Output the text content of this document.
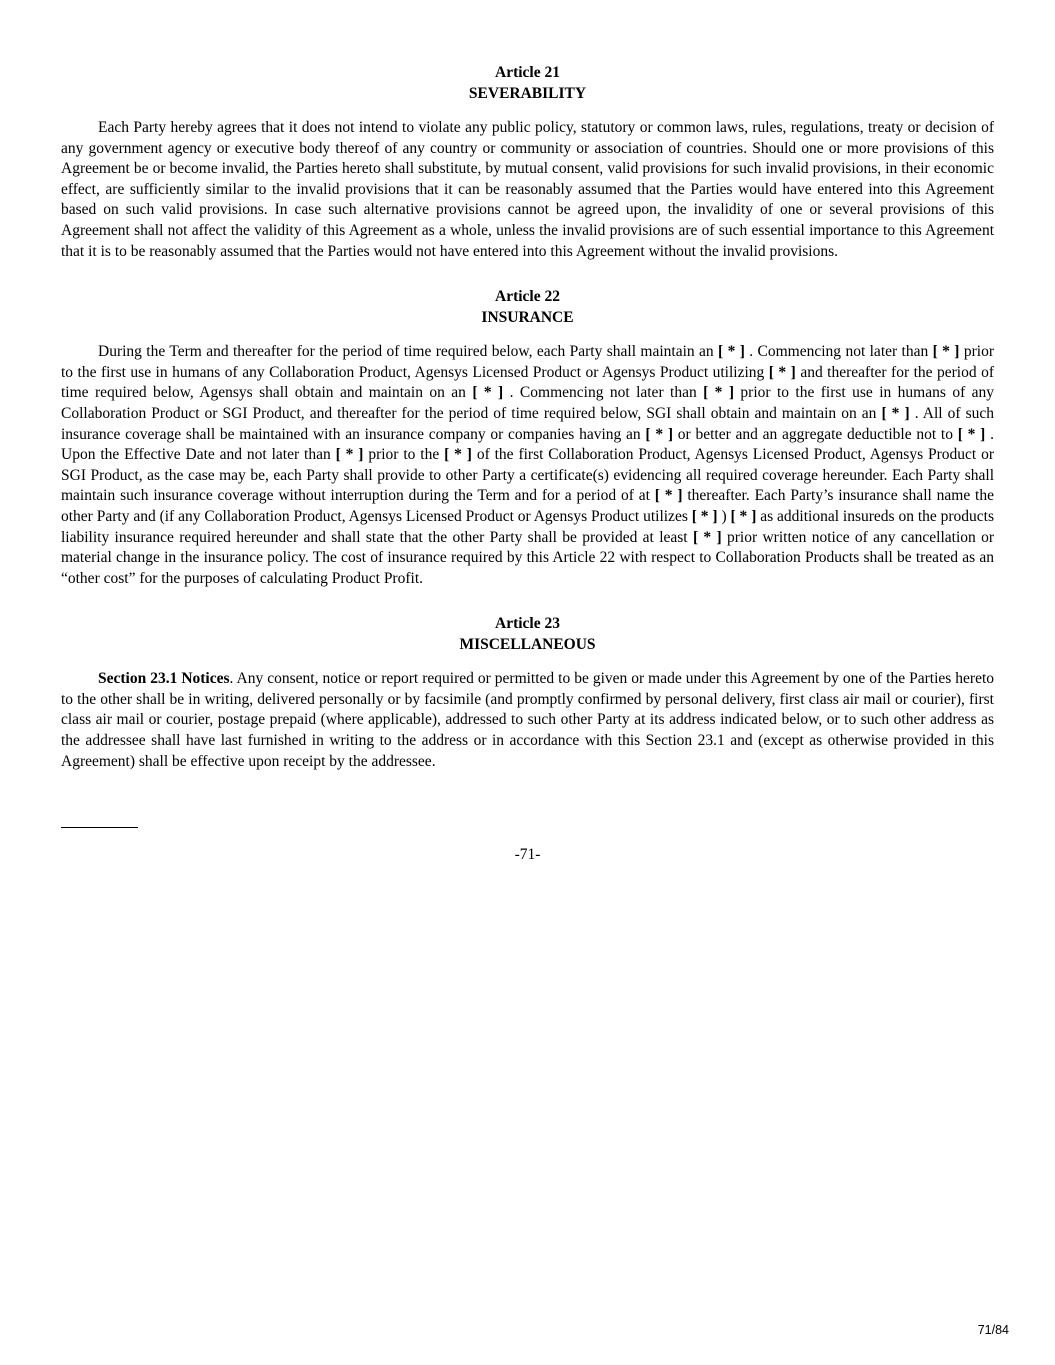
Article 21

SEVERABILITY

Each Party hereby agrees that it does not intend to violate any public policy, statutory or common laws, rules, regulations, treaty or decision of any government agency or executive body thereof of any country or community or association of countries. Should one or more provisions of this Agreement be or become invalid, the Parties hereto shall substitute, by mutual consent, valid provisions for such invalid provisions, in their economic effect, are sufficiently similar to the invalid provisions that it can be reasonably assumed that the Parties would have entered into this Agreement based on such valid provisions. In case such alternative provisions cannot be agreed upon, the invalidity of one or several provisions of this Agreement shall not affect the validity of this Agreement as a whole, unless the invalid provisions are of such essential importance to this Agreement that it is to be reasonably assumed that the Parties would not have entered into this Agreement without the invalid provisions.

Article 22

INSURANCE

During the Term and thereafter for the period of time required below, each Party shall maintain an [ * ] . Commencing not later than [ * ] prior to the first use in humans of any Collaboration Product, Agensys Licensed Product or Agensys Product utilizing [ * ] and thereafter for the period of time required below, Agensys shall obtain and maintain on an [ * ] . Commencing not later than [ * ] prior to the first use in humans of any Collaboration Product or SGI Product, and thereafter for the period of time required below, SGI shall obtain and maintain on an [ * ] . All of such insurance coverage shall be maintained with an insurance company or companies having an [ * ] or better and an aggregate deductible not to [ * ] . Upon the Effective Date and not later than [ * ] prior to the [ * ] of the first Collaboration Product, Agensys Licensed Product, Agensys Product or SGI Product, as the case may be, each Party shall provide to other Party a certificate(s) evidencing all required coverage hereunder. Each Party shall maintain such insurance coverage without interruption during the Term and for a period of at [ * ] thereafter. Each Party’s insurance shall name the other Party and (if any Collaboration Product, Agensys Licensed Product or Agensys Product utilizes [ * ] ) [ * ] as additional insureds on the products liability insurance required hereunder and shall state that the other Party shall be provided at least [ * ] prior written notice of any cancellation or material change in the insurance policy. The cost of insurance required by this Article 22 with respect to Collaboration Products shall be treated as an “other cost” for the purposes of calculating Product Profit.

Article 23

MISCELLANEOUS

Section 23.1 Notices. Any consent, notice or report required or permitted to be given or made under this Agreement by one of the Parties hereto to the other shall be in writing, delivered personally or by facsimile (and promptly confirmed by personal delivery, first class air mail or courier), first class air mail or courier, postage prepaid (where applicable), addressed to such other Party at its address indicated below, or to such other address as the addressee shall have last furnished in writing to the address or in accordance with this Section 23.1 and (except as otherwise provided in this Agreement) shall be effective upon receipt by the addressee.

-71-
71/84
